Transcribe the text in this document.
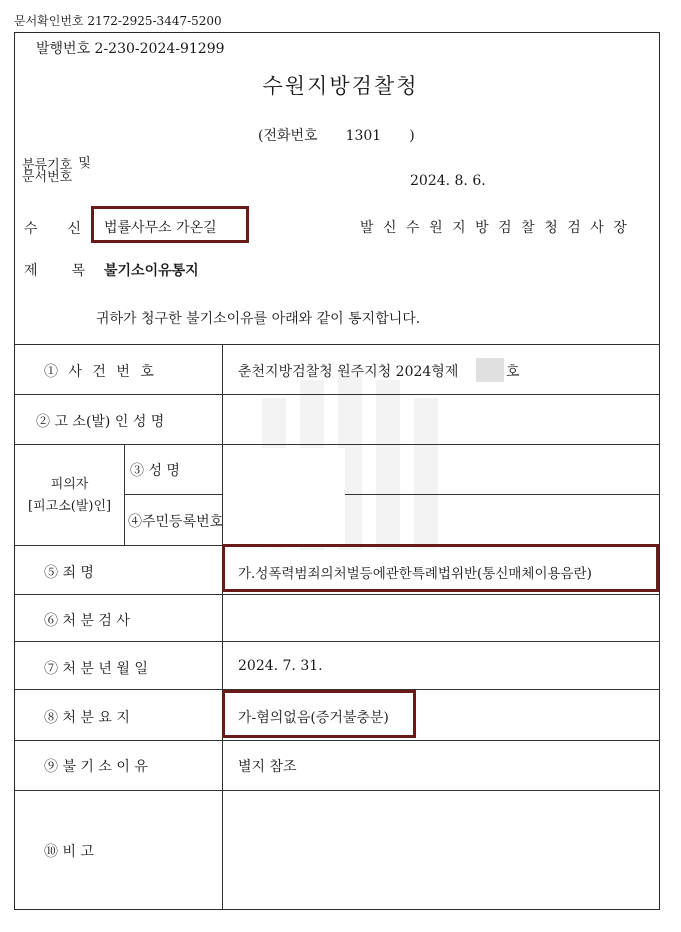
문서확인번호 2172-2925-3447-5200
발행번호 2-230-2024-91299
수원지방검찰청
(전화번호 1301 )
분류기호
문서번호
및
2024. 8. 6.
수신
법률사무소 가온길	발신수원지방검찰청검사장
제목
불기소이유통지
귀하가 청구한 불기소이유를 아래와 같이 통지합니다.
① 사 건 번 호	춘천지방검찰청 원주지청 2024형제	호
② 고 소(발) 인 성 명
피의자
[피고소(발)인]
③ 성 명
④주민등록번호
⑤ 죄 명	가.성폭력범죄의처벌등에관한특례법위반(통신매체이용음란)
⑥ 처 분 검 사
⑦ 처 분 년 월 일	2024. 7. 31.
⑧ 처 분 요 지	가-혐의없음(증거불충분)
⑨ 불 기 소 이 유	별지 참조
⑩ 비 고
